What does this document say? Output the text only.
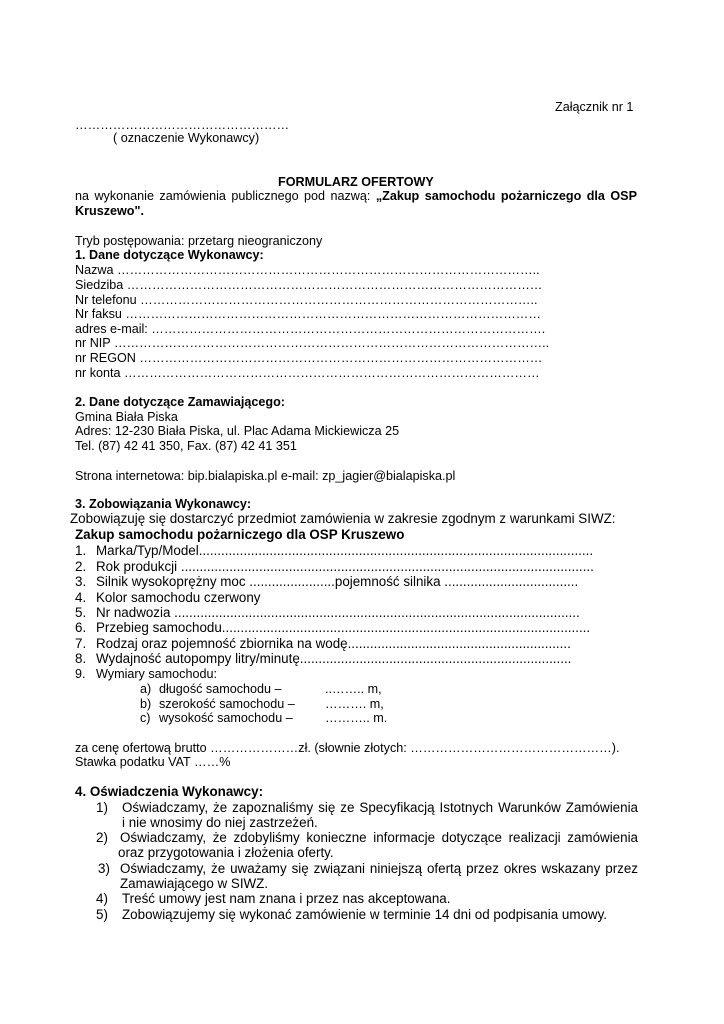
Załącznik nr 1
……………………………………………
( oznaczenie Wykonawcy)
FORMULARZ OFERTOWY
na wykonanie zamówienia publicznego pod nazwą: „Zakup samochodu pożarniczego dla OSP
Kruszewo".
Tryb postępowania: przetarg nieograniczony
1. Dane dotyczące Wykonawcy:
Nazwa ………………………………………………………………………………………..
Siedziba ………………………………………………………………………………………
Nr telefonu …………………………………………………………………………………..
Nr faksu ………………………………………………………………………………………
adres e-mail: ………………………………………………………………………………….
nr NIP …………………………………………………………………………………………..
nr REGON ……………………………………………………………………………………
nr konta ………………………………………………………………………………………
2. Dane dotyczące Zamawiającego:
Gmina Biała Piska
Adres: 12-230 Biała Piska, ul. Plac Adama Mickiewicza 25
Tel. (87) 42 41 350, Fax. (87) 42 41 351
Strona internetowa: bip.bialapiska.pl e-mail: zp_jagier@bialapiska.pl
3. Zobowiązania Wykonawcy:
Zobowiązuję się dostarczyć przedmiot zamówienia w zakresie zgodnym z warunkami SIWZ:
Zakup samochodu pożarniczego dla OSP Kruszewo
1. Marka/Typ/Model..........................................................................................................
2. Rok produkcji ...............................................................................................................
3. Silnik wysokoprężny moc .......................pojemność silnika ....................................
4. Kolor samochodu czerwony
5. Nr nadwozia .............................................................................................................
6. Przebieg samochodu...................................................................................................
7. Rodzaj oraz pojemność zbiornika na wodę............................................................
8. Wydajność autopompy litry/minutę.........................................................................
9. Wymiary samochodu:
a) długość samochodu –	..…….. m,
b) szerokość samochodu – ………. m,
c) wysokość samochodu –	……….. m.
za cenę ofertową brutto …………………zł. (słownie złotych: …………………………………………).
Stawka podatku VAT ……%
4. Oświadczenia Wykonawcy:
1) Oświadczamy, że zapoznaliśmy się ze Specyfikacją Istotnych Warunków Zamówienia
i nie wnosimy do niej zastrzeżeń.
2) Oświadczamy, że zdobyliśmy konieczne informacje dotyczące realizacji zamówienia
oraz przygotowania i złożenia oferty.
3) Oświadczamy, że uważamy się związani niniejszą ofertą przez okres wskazany przez
Zamawiającego w SIWZ.
4) Treść umowy jest nam znana i przez nas akceptowana.
5) Zobowiązujemy się wykonać zamówienie w terminie 14 dni od podpisania umowy.
